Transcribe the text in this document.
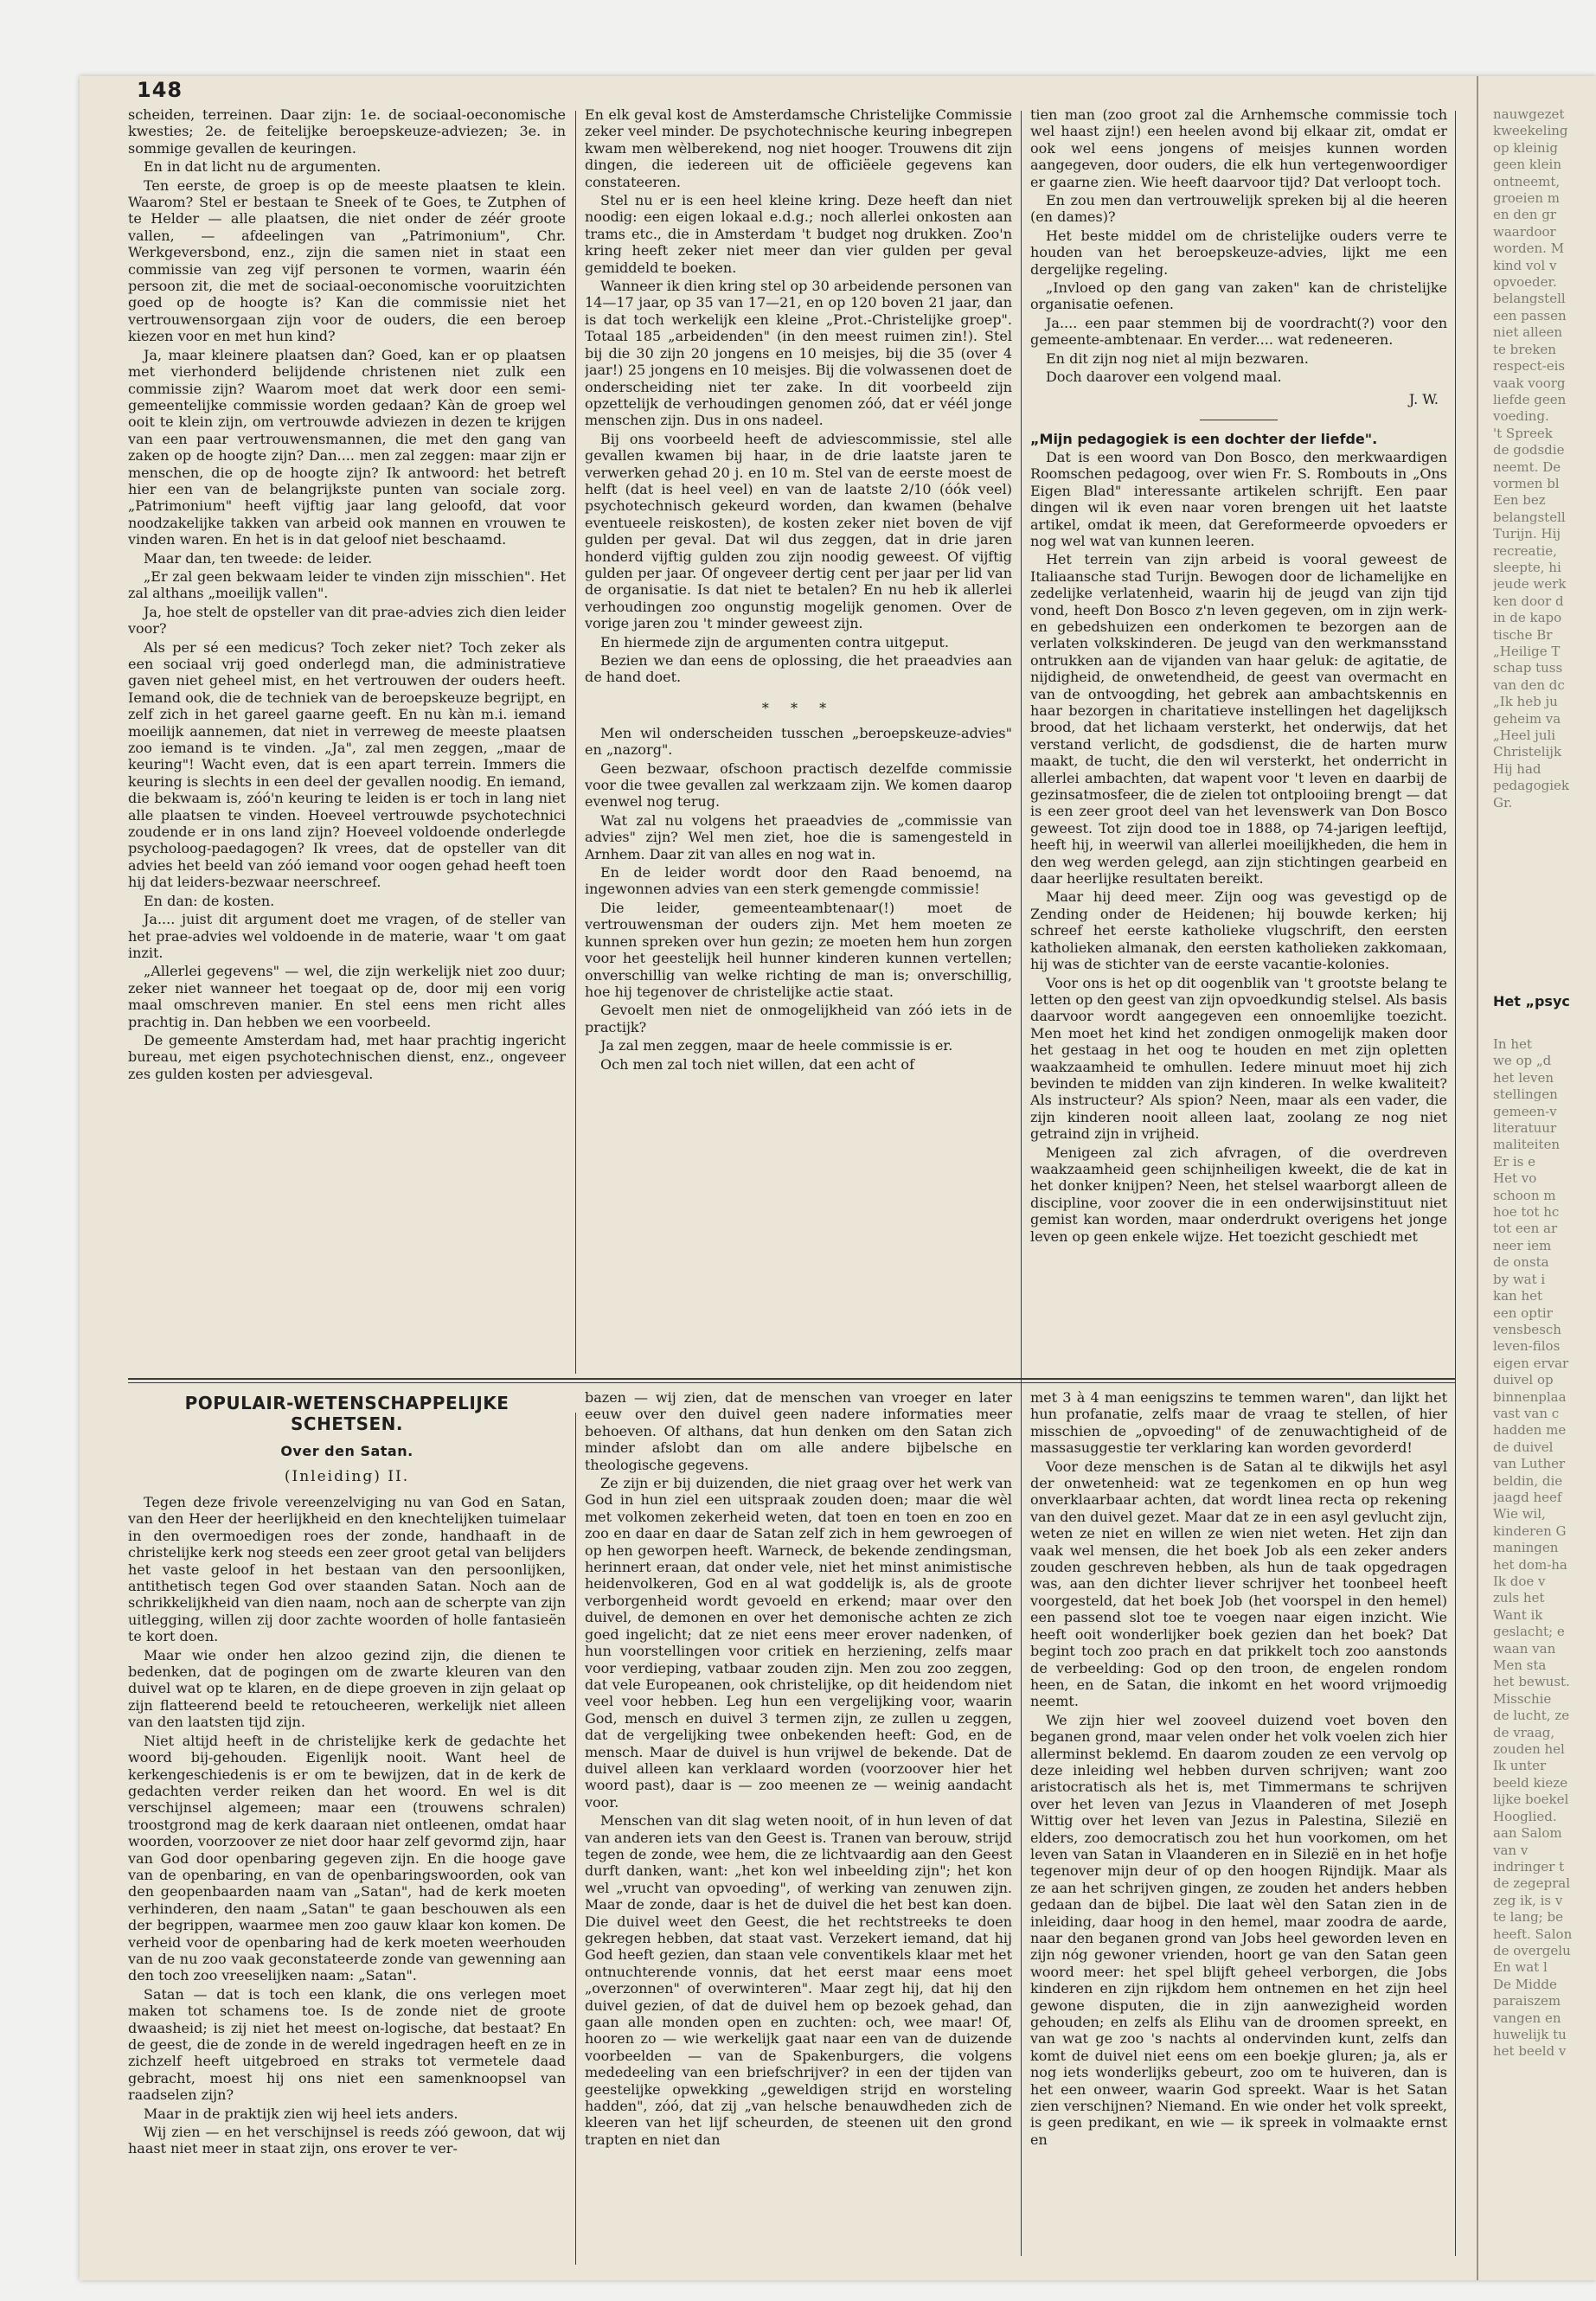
148

scheiden, terreinen. Daar zijn: 1e. de sociaal-oeconomische kwesties; 2e. de feitelijke beroepskeuze-adviezen; 3e. in sommige gevallen de keuringen.

En in dat licht nu de argumenten.

Ten eerste, de groep is op de meeste plaatsen te klein. Waarom? Stel er bestaan te Sneek of te Goes, te Zutphen of te Helder — alle plaatsen, die niet onder de zéér groote vallen, — afdeelingen van „Patrimonium", Chr. Werkgeversbond, enz., zijn die samen niet in staat een commissie van zeg vijf personen te vormen, waarin één persoon zit, die met de sociaal-oeconomische vooruitzichten goed op de hoogte is? Kan die commissie niet het vertrouwensorgaan zijn voor de ouders, die een beroep kiezen voor en met hun kind?

Ja, maar kleinere plaatsen dan? Goed, kan er op plaatsen met vierhonderd belijdende christenen niet zulk een commissie zijn? Waarom moet dat werk door een semi-gemeentelijke commissie worden gedaan? Kàn de groep wel ooit te klein zijn, om vertrouwde adviezen in dezen te krijgen van een paar vertrouwensmannen, die met den gang van zaken op de hoogte zijn? Dan.... men zal zeggen: maar zijn er menschen, die op de hoogte zijn? Ik antwoord: het betreft hier een van de belangrijkste punten van sociale zorg. „Patrimonium" heeft vijftig jaar lang geloofd, dat voor noodzakelijke takken van arbeid ook mannen en vrouwen te vinden waren. En het is in dat geloof niet beschaamd.

Maar dan, ten tweede: de leider.

„Er zal geen bekwaam leider te vinden zijn misschien". Het zal althans „moeilijk vallen".

Ja, hoe stelt de opsteller van dit prae-advies zich dien leider voor?

Als per sé een medicus? Toch zeker niet? Toch zeker als een sociaal vrij goed onderlegd man, die administratieve gaven niet geheel mist, en het vertrouwen der ouders heeft. Iemand ook, die de techniek van de beroepskeuze begrijpt, en zelf zich in het gareel gaarne geeft. En nu kàn m.i. iemand moeilijk aannemen, dat niet in verreweg de meeste plaatsen zoo iemand is te vinden. „Ja", zal men zeggen, „maar de keuring"! Wacht even, dat is een apart terrein. Immers die keuring is slechts in een deel der gevallen noodig. En iemand, die bekwaam is, zóó'n keuring te leiden is er toch in lang niet alle plaatsen te vinden. Hoeveel vertrouwde psychotechnici zoudende er in ons land zijn? Hoeveel voldoende onderlegde psycholoog-paedagogen? Ik vrees, dat de opsteller van dit advies het beeld van zóó iemand voor oogen gehad heeft toen hij dat leiders-bezwaar neerschreef.

En dan: de kosten.

Ja.... juist dit argument doet me vragen, of de steller van het prae-advies wel voldoende in de materie, waar 't om gaat inzit.

„Allerlei gegevens" — wel, die zijn werkelijk niet zoo duur; zeker niet wanneer het toegaat op de, door mij een vorig maal omschreven manier. En stel eens men richt alles prachtig in. Dan hebben we een voorbeeld.

De gemeente Amsterdam had, met haar prachtig ingericht bureau, met eigen psychotechnischen dienst, enz., ongeveer zes gulden kosten per adviesgeval.

En elk geval kost de Amsterdamsche Christelijke Commissie zeker veel minder. De psychotechnische keuring inbegrepen kwam men wèlberekend, nog niet hooger. Trouwens dit zijn dingen, die iedereen uit de officiëele gegevens kan constateeren.

Stel nu er is een heel kleine kring. Deze heeft dan niet noodig: een eigen lokaal e.d.g.; noch allerlei onkosten aan trams etc., die in Amsterdam 't budget nog drukken. Zoo'n kring heeft zeker niet meer dan vier gulden per geval gemiddeld te boeken.

Wanneer ik dien kring stel op 30 arbeidende personen van 14—17 jaar, op 35 van 17—21, en op 120 boven 21 jaar, dan is dat toch werkelijk een kleine „Prot.-Christelijke groep". Totaal 185 „arbeidenden" (in den meest ruimen zin!). Stel bij die 30 zijn 20 jongens en 10 meisjes, bij die 35 (over 4 jaar!) 25 jongens en 10 meisjes. Bij die volwassenen doet de onderscheiding niet ter zake. In dit voorbeeld zijn opzettelijk de verhoudingen genomen zóó, dat er véél jonge menschen zijn. Dus in ons nadeel.

Bij ons voorbeeld heeft de adviescommissie, stel alle gevallen kwamen bij haar, in de drie laatste jaren te verwerken gehad 20 j. en 10 m. Stel van de eerste moest de helft (dat is heel veel) en van de laatste 2/10 (óók veel) psychotechnisch gekeurd worden, dan kwamen (behalve eventueele reiskosten), de kosten zeker niet boven de vijf gulden per geval. Dat wil dus zeggen, dat in drie jaren honderd vijftig gulden zou zijn noodig geweest. Of vijftig gulden per jaar. Of ongeveer dertig cent per jaar per lid van de organisatie. Is dat niet te betalen? En nu heb ik allerlei verhoudingen zoo ongunstig mogelijk genomen. Over de vorige jaren zou 't minder geweest zijn.

En hiermede zijn de argumenten contra uitgeput.

Bezien we dan eens de oplossing, die het praeadvies aan de hand doet.

* * *

Men wil onderscheiden tusschen „beroepskeuze-advies" en „nazorg".

Geen bezwaar, ofschoon practisch dezelfde commissie voor die twee gevallen zal werkzaam zijn. We komen daarop evenwel nog terug.

Wat zal nu volgens het praeadvies de „commissie van advies" zijn? Wel men ziet, hoe die is samengesteld in Arnhem. Daar zit van alles en nog wat in.

En de leider wordt door den Raad benoemd, na ingewonnen advies van een sterk gemengde commissie!

Die leider, gemeenteambtenaar(!) moet de vertrouwensman der ouders zijn. Met hem moeten ze kunnen spreken over hun gezin; ze moeten hem hun zorgen voor het geestelijk heil hunner kinderen kunnen vertellen; onverschillig van welke richting de man is; onverschillig, hoe hij tegenover de christelijke actie staat.

Gevoelt men niet de onmogelijkheid van zóó iets in de practijk?

Ja zal men zeggen, maar de heele commissie is er.

Och men zal toch niet willen, dat een acht of

tien man (zoo groot zal die Arnhemsche commissie toch wel haast zijn!) een heelen avond bij elkaar zit, omdat er ook wel eens jongens of meisjes kunnen worden aangegeven, door ouders, die elk hun vertegenwoordiger er gaarne zien. Wie heeft daarvoor tijd? Dat verloopt toch.

En zou men dan vertrouwelijk spreken bij al die heeren (en dames)?

Het beste middel om de christelijke ouders verre te houden van het beroepskeuze-advies, lijkt me een dergelijke regeling.

„Invloed op den gang van zaken" kan de christelijke organisatie oefenen.

Ja.... een paar stemmen bij de voordracht(?) voor den gemeente-ambtenaar. En verder.... wat redeneeren.

En dit zijn nog niet al mijn bezwaren.

Doch daarover een volgend maal.

J. W.

„Mijn pedagogiek is een dochter der liefde".

Dat is een woord van Don Bosco, den merkwaardigen Roomschen pedagoog, over wien Fr. S. Rombouts in „Ons Eigen Blad" interessante artikelen schrijft. Een paar dingen wil ik even naar voren brengen uit het laatste artikel, omdat ik meen, dat Gereformeerde opvoeders er nog wel wat van kunnen leeren.

Het terrein van zijn arbeid is vooral geweest de Italiaansche stad Turijn. Bewogen door de lichamelijke en zedelijke verlatenheid, waarin hij de jeugd van zijn tijd vond, heeft Don Bosco z'n leven gegeven, om in zijn werk- en gebedshuizen een onderkomen te bezorgen aan de verlaten volkskinderen. De jeugd van den werkmansstand ontrukken aan de vijanden van haar geluk: de agitatie, de nijdigheid, de onwetendheid, de geest van overmacht en van de ontvoogding, het gebrek aan ambachtskennis en haar bezorgen in charitatieve instellingen het dagelijksch brood, dat het lichaam versterkt, het onderwijs, dat het verstand verlicht, de godsdienst, die de harten murw maakt, de tucht, die den wil versterkt, het onderricht in allerlei ambachten, dat wapent voor 't leven en daarbij de gezinsatmosfeer, die de zielen tot ontplooiing brengt — dat is een zeer groot deel van het levenswerk van Don Bosco geweest. Tot zijn dood toe in 1888, op 74-jarigen leeftijd, heeft hij, in weerwil van allerlei moeilijkheden, die hem in den weg werden gelegd, aan zijn stichtingen gearbeid en daar heerlijke resultaten bereikt.

Maar hij deed meer. Zijn oog was gevestigd op de Zending onder de Heidenen; hij bouwde kerken; hij schreef het eerste katholieke vlugschrift, den eersten katholieken almanak, den eersten katholieken zakkomaan, hij was de stichter van de eerste vacantie-kolonies.

Voor ons is het op dit oogenblik van 't grootste belang te letten op den geest van zijn opvoedkundig stelsel. Als basis daarvoor wordt aangegeven een onnoemlijke toezicht. Men moet het kind het zondigen onmogelijk maken door het gestaag in het oog te houden en met zijn opletten waakzaamheid te omhullen. Iedere minuut moet hij zich bevinden te midden van zijn kinderen. In welke kwaliteit? Als instructeur? Als spion? Neen, maar als een vader, die zijn kinderen nooit alleen laat, zoolang ze nog niet getraind zijn in vrijheid.

Menigeen zal zich afvragen, of die overdreven waakzaamheid geen schijnheiligen kweekt, die de kat in het donker knijpen? Neen, het stelsel waarborgt alleen de discipline, voor zoover die in een onderwijsinstituut niet gemist kan worden, maar onderdrukt overigens het jonge leven op geen enkele wijze. Het toezicht geschiedt met

nauwgezet
kweekeling
op kleinig
geen klein
ontneemt,
groeien m
en den gr
waardoor
worden. M
kind vol v
opvoeder.
belangstell
een passen
niet alleen
te breken
respect-eis
vaak voorg
liefde geen
voeding.
't Spreek
de godsdie
neemt. De
vormen bl
Een bez
belangstell
Turijn. Hij
recreatie,
sleepte, hi
jeude werk
ken door d
in de kapo
tische Br
„Heilige T
schap tuss
van den dc
„Ik heb ju
geheim va
„Heel juli
Christelijk
Hij had
pedagogiek
Gr.
Het „psyc
In het
we op „d
het leven
stellingen
gemeen-v
literatuur
maliteiten
Er is e
Het vo
schoon m
hoe tot hc
tot een ar
neer iem
de onsta
by wat i
kan het
een optir
vensbesch
leven-filos
eigen ervar
duivel op
binnenplaa
vast van c
hadden me
de duivel
van Luther
beldin, die
jaagd heef
Wie wil,
kinderen G
maningen
het dom-ha
Ik doe v
zuls het
Want ik
geslacht; e
waan van
Men sta
het bewust.
Misschie
de lucht, ze
de vraag,
zouden hel
Ik unter
beeld kieze
lijke boekel
Hooglied.
aan Salom
van v
indringer t
de zegepral
zeg ik, is v
te lang; be
heeft. Salon
de overgelu
En wat l
De Midde
paraiszem
vangen en
huwelijk tu
het beeld v
POPULAIR-WETENSCHAPPELIJKE SCHETSEN.
Over den Satan.
(Inleiding) II.

Tegen deze frivole vereenzelviging nu van God en Satan, van den Heer der heerlijkheid en den knechtelijken tuimelaar in den overmoedigen roes der zonde, handhaaft in de christelijke kerk nog steeds een zeer groot getal van belijders het vaste geloof in het bestaan van den persoonlijken, antithetisch tegen God over staanden Satan. Noch aan de schrikkelijkheid van dien naam, noch aan de scherpte van zijn uitlegging, willen zij door zachte woorden of holle fantasieën te kort doen.

Maar wie onder hen alzoo gezind zijn, die dienen te bedenken, dat de pogingen om de zwarte kleuren van den duivel wat op te klaren, en de diepe groeven in zijn gelaat op zijn flatteerend beeld te retoucheeren, werkelijk niet alleen van den laatsten tijd zijn.

Niet altijd heeft in de christelijke kerk de gedachte het woord bij-gehouden. Eigenlijk nooit. Want heel de kerkengeschiedenis is er om te bewijzen, dat in de kerk de gedachten verder reiken dan het woord. En wel is dit verschijnsel algemeen; maar een (trouwens schralen) troostgrond mag de kerk daaraan niet ontleenen, omdat haar woorden, voorzoover ze niet door haar zelf gevormd zijn, haar van God door openbaring gegeven zijn. En die hooge gave van de openbaring, en van de openbaringswoorden, ook van den geopenbaarden naam van „Satan", had de kerk moeten verhinderen, den naam „Satan" te gaan beschouwen als een der begrippen, waarmee men zoo gauw klaar kon komen. De verheid voor de openbaring had de kerk moeten weerhouden van de nu zoo vaak geconstateerde zonde van gewenning aan den toch zoo vreeselijken naam: „Satan".

Satan — dat is toch een klank, die ons verlegen moet maken tot schamens toe. Is de zonde niet de groote dwaasheid; is zij niet het meest on-logische, dat bestaat? En de geest, die de zonde in de wereld ingedragen heeft en ze in zichzelf heeft uitgebroed en straks tot vermetele daad gebracht, moest hij ons niet een samenknoopsel van raadselen zijn?

Maar in de praktijk zien wij heel iets anders.

Wij zien — en het verschijnsel is reeds zóó gewoon, dat wij haast niet meer in staat zijn, ons erover te ver-

bazen — wij zien, dat de menschen van vroeger en later eeuw over den duivel geen nadere informaties meer behoeven. Of althans, dat hun denken om den Satan zich minder afslobt dan om alle andere bijbelsche en theologische gegevens.

Ze zijn er bij duizenden, die niet graag over het werk van God in hun ziel een uitspraak zouden doen; maar die wèl met volkomen zekerheid weten, dat toen en toen en zoo en zoo en daar en daar de Satan zelf zich in hem gewroegen of op hen geworpen heeft. Warneck, de bekende zendingsman, herinnert eraan, dat onder vele, niet het minst animistische heidenvolkeren, God en al wat goddelijk is, als de groote verborgenheid wordt gevoeld en erkend; maar over den duivel, de demonen en over het demonische achten ze zich goed ingelicht; dat ze niet eens meer erover nadenken, of hun voorstellingen voor critiek en herziening, zelfs maar voor verdieping, vatbaar zouden zijn. Men zou zoo zeggen, dat vele Europeanen, ook christelijke, op dit heidendom niet veel voor hebben. Leg hun een vergelijking voor, waarin God, mensch en duivel 3 termen zijn, ze zullen u zeggen, dat de vergelijking twee onbekenden heeft: God, en de mensch. Maar de duivel is hun vrijwel de bekende. Dat de duivel alleen kan verklaard worden (voorzoover hier het woord past), daar is — zoo meenen ze — weinig aandacht voor.

Menschen van dit slag weten nooit, of in hun leven of dat van anderen iets van den Geest is. Tranen van berouw, strijd tegen de zonde, wee hem, die ze lichtvaardig aan den Geest durft danken, want: „het kon wel inbeelding zijn"; het kon wel „vrucht van opvoeding", of werking van zenuwen zijn. Maar de zonde, daar is het de duivel die het best kan doen. Die duivel weet den Geest, die het rechtstreeks te doen gekregen hebben, dat staat vast. Verzekert iemand, dat hij God heeft gezien, dan staan vele conventikels klaar met het ontnuchterende vonnis, dat het eerst maar eens moet „overzonnen" of overwinteren". Maar zegt hij, dat hij den duivel gezien, of dat de duivel hem op bezoek gehad, dan gaan alle monden open en zuchten: och, wee maar! Of, hooren zo — wie werkelijk gaat naar een van de duizende voorbeelden — van de Spakenburgers, die volgens mededeeling van een briefschrijver? in een der tijden van geestelijke opwekking „geweldigen strijd en worsteling hadden", zóó, dat zij „van helsche benauwdheden zich de kleeren van het lijf scheurden, de steenen uit den grond trapten en niet dan

met 3 à 4 man eenigszins te temmen waren", dan lijkt het hun profanatie, zelfs maar de vraag te stellen, of hier misschien de „opvoeding" of de zenuwachtigheid of de massasuggestie ter verklaring kan worden gevorderd!

Voor deze menschen is de Satan al te dikwijls het asyl der onwetenheid: wat ze tegenkomen en op hun weg onverklaarbaar achten, dat wordt linea recta op rekening van den duivel gezet. Maar dat ze in een asyl gevlucht zijn, weten ze niet en willen ze wien niet weten. Het zijn dan vaak wel mensen, die het boek Job als een zeker anders zouden geschreven hebben, als hun de taak opgedragen was, aan den dichter liever schrijver het toonbeel heeft voorgesteld, dat het boek Job (het voorspel in den hemel) een passend slot toe te voegen naar eigen inzicht. Wie heeft ooit wonderlijker boek gezien dan het boek? Dat begint toch zoo prach en dat prikkelt toch zoo aanstonds de verbeelding: God op den troon, de engelen rondom heen, en de Satan, die inkomt en het woord vrijmoedig neemt.

We zijn hier wel zooveel duizend voet boven den beganen grond, maar velen onder het volk voelen zich hier allerminst beklemd. En daarom zouden ze een vervolg op deze inleiding wel hebben durven schrijven; want zoo aristocratisch als het is, met Timmermans te schrijven over het leven van Jezus in Vlaanderen of met Joseph Wittig over het leven van Jezus in Palestina, Silezië en elders, zoo democratisch zou het hun voorkomen, om het leven van Satan in Vlaanderen en in Silezië en in het hofje tegenover mijn deur of op den hoogen Rijndijk. Maar als ze aan het schrijven gingen, ze zouden het anders hebben gedaan dan de bijbel. Die laat wèl den Satan zien in de inleiding, daar hoog in den hemel, maar zoodra de aarde, naar den beganen grond van Jobs heel geworden leven en zijn nóg gewoner vrienden, hoort ge van den Satan geen woord meer: het spel blijft geheel verborgen, die Jobs kinderen en zijn rijkdom hem ontnemen en het zijn heel gewone disputen, die in zijn aanwezigheid worden gehouden; en zelfs als Elihu van de droomen spreekt, en van wat ge zoo 's nachts al ondervinden kunt, zelfs dan komt de duivel niet eens om een boekje gluren; ja, als er nog iets wonderlijks gebeurt, zoo om te huiveren, dan is het een onweer, waarin God spreekt. Waar is het Satan zien verschijnen? Niemand. En wie onder het volk spreekt, is geen predikant, en wie — ik spreek in volmaakte ernst en
